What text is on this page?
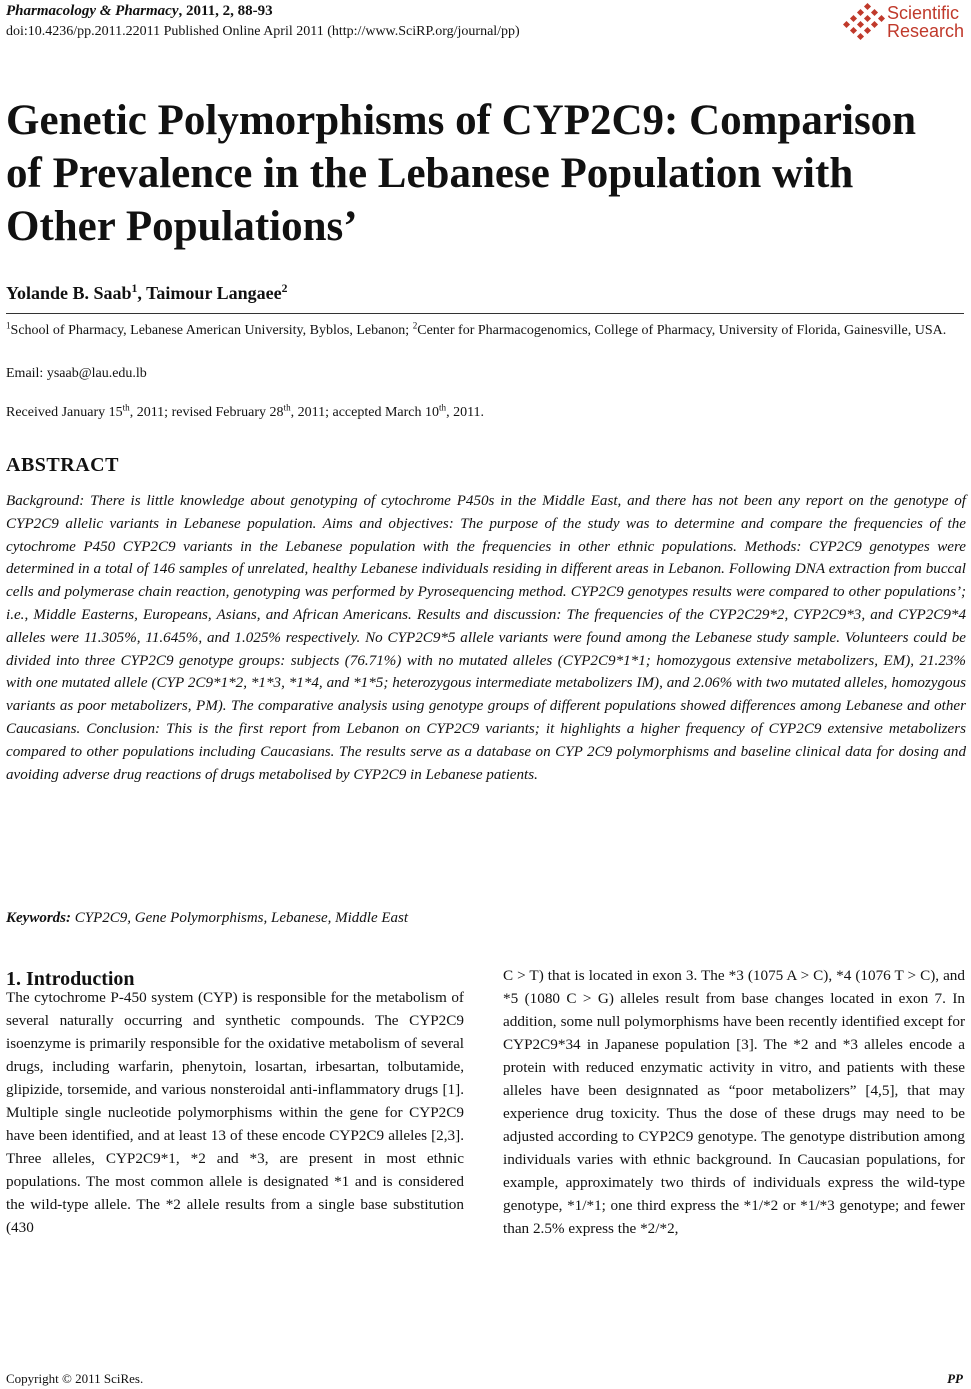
Pharmacology & Pharmacy, 2011, 2, 88-93
doi:10.4236/pp.2011.22011 Published Online April 2011 (http://www.SciRP.org/journal/pp)
Scientific
Research
Genetic Polymorphisms of CYP2C9: Comparison of Prevalence in the Lebanese Population with Other Populations’
Yolande B. Saab$^1$, Taimour Langaee$^2$
$^1$School of Pharmacy, Lebanese American University, Byblos, Lebanon; $^2$Center for Pharmacogenomics, College of Pharmacy, University of Florida, Gainesville, USA.
Email: ysaab@lau.edu.lb
Received January 15th, 2011; revised February 28th, 2011; accepted March 10th, 2011.
ABSTRACT
Background: There is little knowledge about genotyping of cytochrome P450s in the Middle East, and there has not been any report on the genotype of CYP2C9 allelic variants in Lebanese population. Aims and objectives: The purpose of the study was to determine and compare the frequencies of the cytochrome P450 CYP2C9 variants in the Lebanese population with the frequencies in other ethnic populations. Methods: CYP2C9 genotypes were determined in a total of 146 samples of unrelated, healthy Lebanese individuals residing in different areas in Lebanon. Following DNA extraction from buccal cells and polymerase chain reaction, genotyping was performed by Pyrosequencing method. CYP2C9 genotypes results were compared to other populations’; i.e., Middle Easterns, Europeans, Asians, and African Americans. Results and discussion: The frequencies of the CYP2C29*2, CYP2C9*3, and CYP2C9*4 alleles were 11.305%, 11.645%, and 1.025% respectively. No CYP2C9*5 allele variants were found among the Lebanese study sample. Volunteers could be divided into three CYP2C9 genotype groups: subjects (76.71%) with no mutated alleles (CYP2C9*1*1; homozygous extensive metabolizers, EM), 21.23% with one mutated allele (CYP 2C9*1*2, *1*3, *1*4, and *1*5; heterozygous intermediate metabolizers IM), and 2.06% with two mutated alleles, homozygous variants as poor metabolizers, PM). The comparative analysis using genotype groups of different populations showed differences among Lebanese and other Caucasians. Conclusion: This is the first report from Lebanon on CYP2C9 variants; it highlights a higher frequency of CYP2C9 extensive metabolizers compared to other populations including Caucasians. The results serve as a database on CYP 2C9 polymorphisms and baseline clinical data for dosing and avoiding adverse drug reactions of drugs metabolised by CYP2C9 in Lebanese patients.
Keywords: CYP2C9, Gene Polymorphisms, Lebanese, Middle East
1. Introduction

The cytochrome P-450 system (CYP) is responsible for the metabolism of several naturally occurring and synthetic compounds. The CYP2C9 isoenzyme is primarily responsible for the oxidative metabolism of several drugs, including warfarin, phenytoin, losartan, irbesartan, tolbutamide, glipizide, torsemide, and various nonsteroidal anti-inflammatory drugs [1]. Multiple single nucleotide polymorphisms within the gene for CYP2C9 have been identified, and at least 13 of these encode CYP2C9 alleles [2,3]. Three alleles, CYP2C9*1, *2 and *3, are present in most ethnic populations. The most common allele is designated *1 and is considered the wild-type allele. The *2 allele results from a single base substitution (430

C > T) that is located in exon 3. The *3 (1075 A > C), *4 (1076 T > C), and *5 (1080 C > G) alleles result from base changes located in exon 7. In addition, some null polymorphisms have been recently identified except for CYP2C9*34 in Japanese population [3]. The *2 and *3 alleles encode a protein with reduced enzymatic activity in vitro, and patients with these alleles have been designnated as “poor metabolizers” [4,5], that may experience drug toxicity. Thus the dose of these drugs may need to be adjusted according to CYP2C9 genotype. The genotype distribution among individuals varies with ethnic background. In Caucasian populations, for example, approximately two thirds of individuals express the wild-type genotype, *1/*1; one third express the *1/*2 or *1/*3 genotype; and fewer than 2.5% express the *2/*2,

Copyright © 2011 SciRes.	PP
